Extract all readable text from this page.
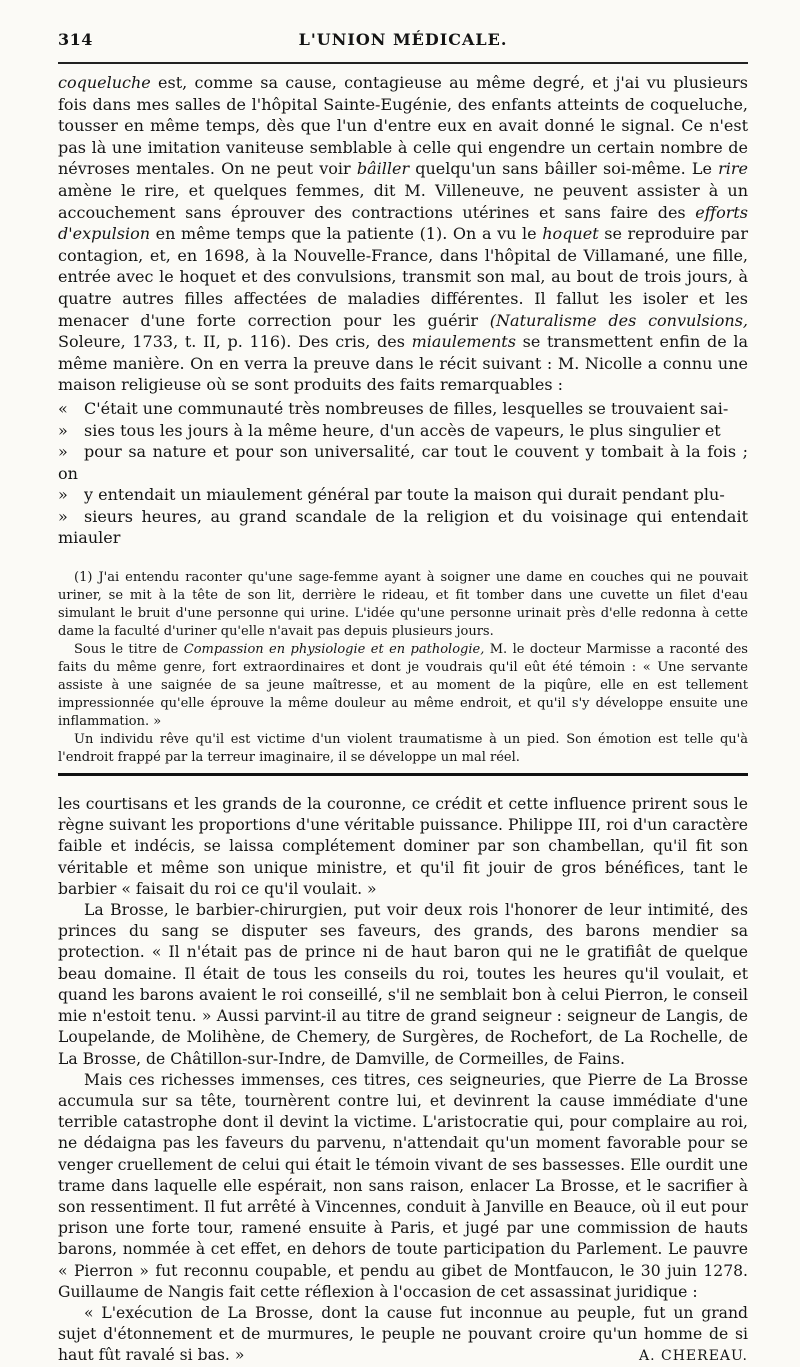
314	L'UNION MÉDICALE.

coqueluche est, comme sa cause, contagieuse au même degré, et j'ai vu plusieurs fois dans mes salles de l'hôpital Sainte-Eugénie, des enfants atteints de coqueluche, tousser en même temps, dès que l'un d'entre eux en avait donné le signal. Ce n'est pas là une imitation vaniteuse semblable à celle qui engendre un certain nombre de névroses mentales. On ne peut voir bâiller quelqu'un sans bâiller soi-même. Le rire amène le rire, et quelques femmes, dit M. Villeneuve, ne peuvent assister à un accouchement sans éprouver des contractions utérines et sans faire des efforts d'expulsion en même temps que la patiente (1). On a vu le hoquet se reproduire par contagion, et, en 1698, à la Nouvelle-France, dans l'hôpital de Villamané, une fille, entrée avec le hoquet et des convulsions, transmit son mal, au bout de trois jours, à quatre autres filles affectées de maladies différentes. Il fallut les isoler et les menacer d'une forte correction pour les guérir (Naturalisme des convulsions, Soleure, 1733, t. II, p. 116). Des cris, des miaulements se transmettent enfin de la même manière. On en verra la preuve dans le récit suivant : M. Nicolle a connu une maison religieuse où se sont produits des faits remarquables :

« C'était une communauté très nombreuses de filles, lesquelles se trouvaient sai-
» sies tous les jours à la même heure, d'un accès de vapeurs, le plus singulier et
» pour sa nature et pour son universalité, car tout le couvent y tombait à la fois ; on
» y entendait un miaulement général par toute la maison qui durait pendant plu-
» sieurs heures, au grand scandale de la religion et du voisinage qui entendait miauler

(1) J'ai entendu raconter qu'une sage-femme ayant à soigner une dame en couches qui ne pouvait uriner, se mit à la tête de son lit, derrière le rideau, et fit tomber dans une cuvette un filet d'eau simulant le bruit d'une personne qui urine. L'idée qu'une personne urinait près d'elle redonna à cette dame la faculté d'uriner qu'elle n'avait pas depuis plusieurs jours.

Sous le titre de Compassion en physiologie et en pathologie, M. le docteur Marmisse a raconté des faits du même genre, fort extraordinaires et dont je voudrais qu'il eût été témoin : « Une servante assiste à une saignée de sa jeune maîtresse, et au moment de la piqûre, elle en est tellement impressionnée qu'elle éprouve la même douleur au même endroit, et qu'il s'y développe ensuite une inflammation. »

Un individu rêve qu'il est victime d'un violent traumatisme à un pied. Son émotion est telle qu'à l'endroit frappé par la terreur imaginaire, il se développe un mal réel.

les courtisans et les grands de la couronne, ce crédit et cette influence prirent sous le règne suivant les proportions d'une véritable puissance. Philippe III, roi d'un caractère faible et indécis, se laissa complétement dominer par son chambellan, qu'il fit son véritable et même son unique ministre, et qu'il fit jouir de gros bénéfices, tant le barbier « faisait du roi ce qu'il voulait. »

La Brosse, le barbier-chirurgien, put voir deux rois l'honorer de leur intimité, des princes du sang se disputer ses faveurs, des grands, des barons mendier sa protection. « Il n'était pas de prince ni de haut baron qui ne le gratifiât de quelque beau domaine. Il était de tous les conseils du roi, toutes les heures qu'il voulait, et quand les barons avaient le roi conseillé, s'il ne semblait bon à celui Pierron, le conseil mie n'estoit tenu. » Aussi parvint-il au titre de grand seigneur : seigneur de Langis, de Loupelande, de Molihène, de Chemery, de Surgères, de Rochefort, de La Rochelle, de La Brosse, de Châtillon-sur-Indre, de Damville, de Cormeilles, de Fains.

Mais ces richesses immenses, ces titres, ces seigneuries, que Pierre de La Brosse accumula sur sa tête, tournèrent contre lui, et devinrent la cause immédiate d'une terrible catastrophe dont il devint la victime. L'aristocratie qui, pour complaire au roi, ne dédaigna pas les faveurs du parvenu, n'attendait qu'un moment favorable pour se venger cruellement de celui qui était le témoin vivant de ses bassesses. Elle ourdit une trame dans laquelle elle espérait, non sans raison, enlacer La Brosse, et le sacrifier à son ressentiment. Il fut arrêté à Vincennes, conduit à Janville en Beauce, où il eut pour prison une forte tour, ramené ensuite à Paris, et jugé par une commission de hauts barons, nommée à cet effet, en dehors de toute participation du Parlement. Le pauvre « Pierron » fut reconnu coupable, et pendu au gibet de Montfaucon, le 30 juin 1278. Guillaume de Nangis fait cette réflexion à l'occasion de cet assassinat juridique :

« L'exécution de La Brosse, dont la cause fut inconnue au peuple, fut un grand sujet d'étonnement et de murmures, le peuple ne pouvant croire qu'un homme de si haut fût ravalé si bas. »	A. CHEREAU.
